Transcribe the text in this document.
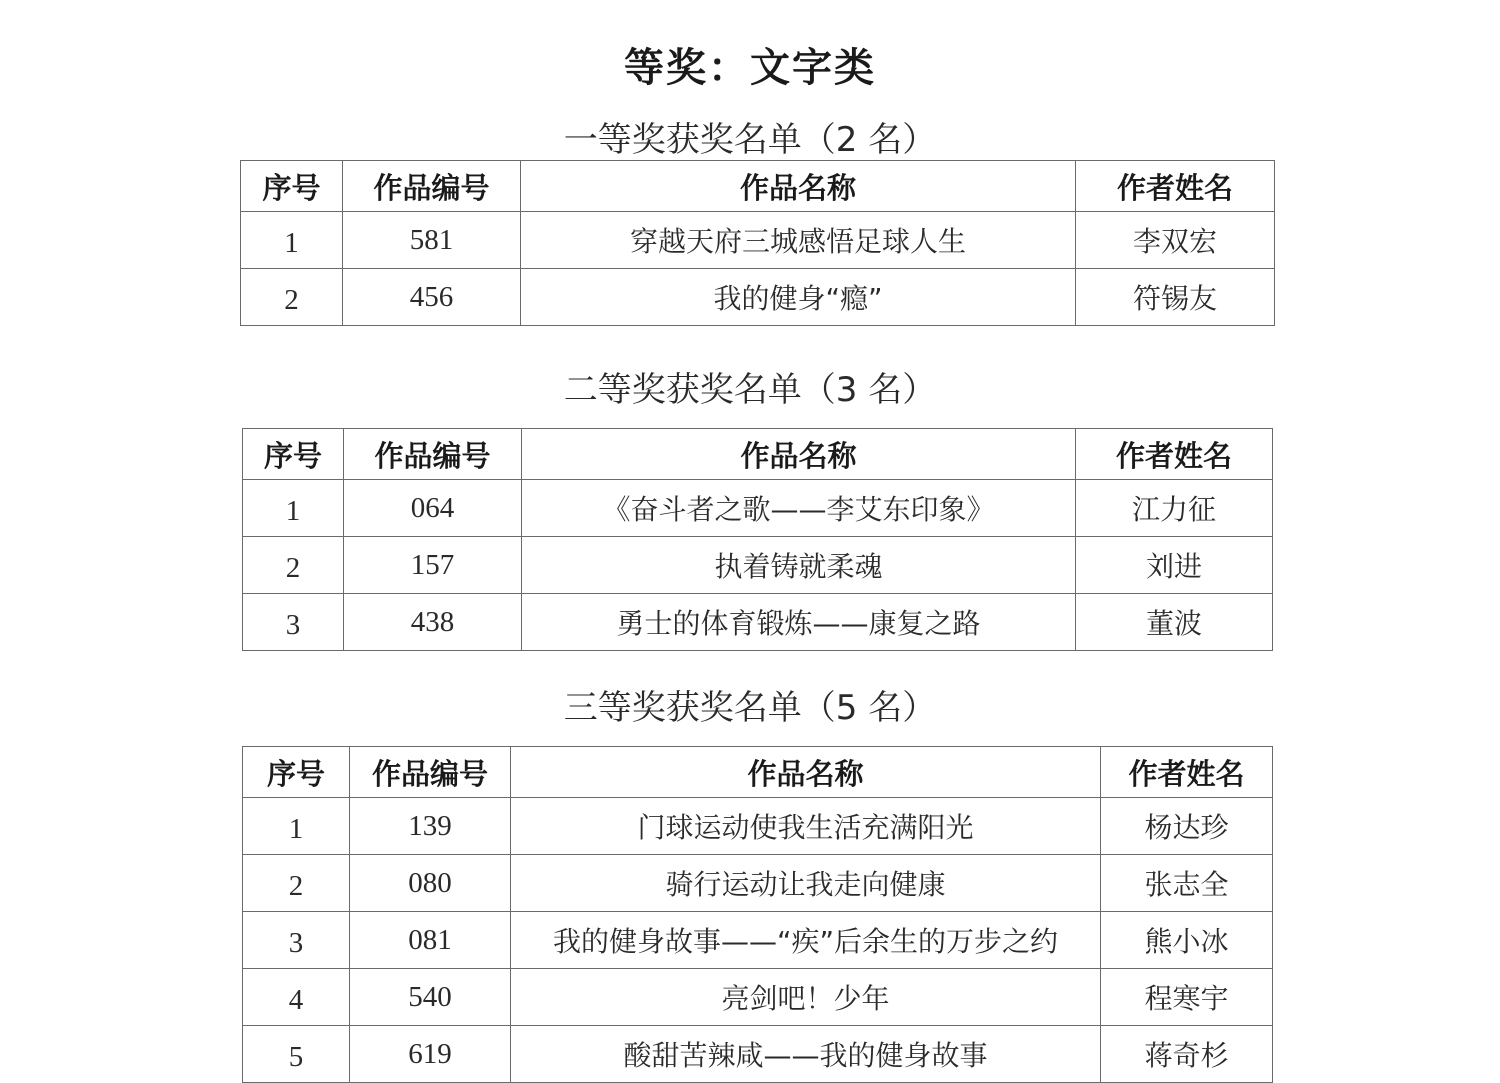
等奖：文字类
一等奖获奖名单（2 名）
序号	作品编号	作品名称	作者姓名
1	581	穿越天府三城感悟足球人生	李双宏
2	456	我的健身“瘾”	符锡友
二等奖获奖名单（3 名）
序号	作品编号	作品名称	作者姓名
1	064	《奋斗者之歌——李艾东印象》	江力征
2	157	执着铸就柔魂	刘进
3	438	勇士的体育锻炼——康复之路	董波
三等奖获奖名单（5 名）
序号	作品编号	作品名称	作者姓名
1	139	门球运动使我生活充满阳光	杨达珍
2	080	骑行运动让我走向健康	张志全
3	081	我的健身故事——“疾”后余生的万步之约	熊小冰
4	540	亮剑吧！少年	程寒宇
5	619	酸甜苦辣咸——我的健身故事	蒋奇杉
